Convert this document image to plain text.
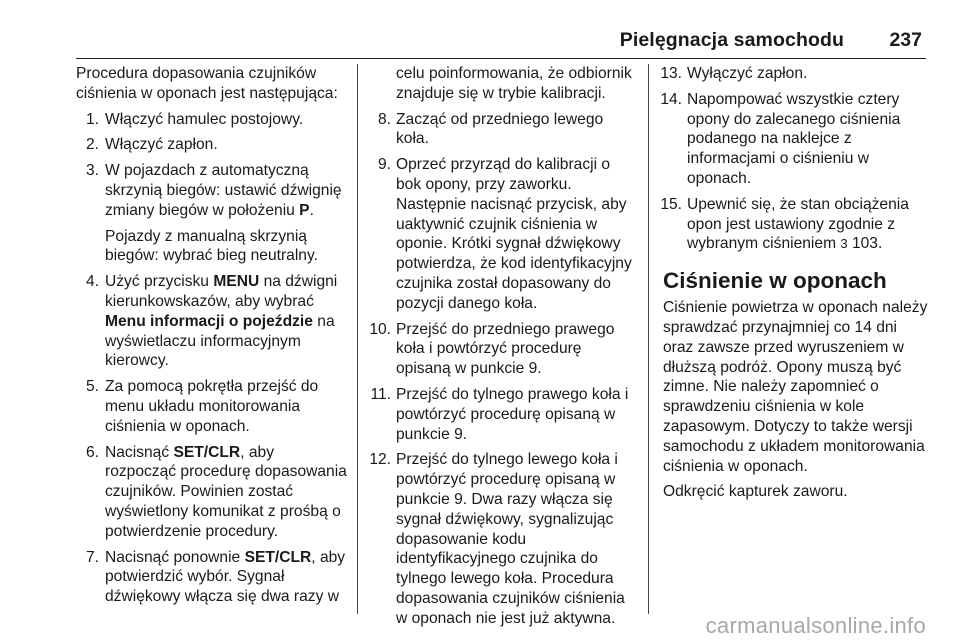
Pielęgnacja samochodu 237

Procedura dopasowania czujników ciśnienia w oponach jest następująca:

1. Włączyć hamulec postojowy.
2. Włączyć zapłon.
3. W pojazdach z automatyczną skrzynią biegów: ustawić dźwignię zmiany biegów w położeniu P.

Pojazdy z manualną skrzynią biegów: wybrać bieg neutralny.

4. Użyć przycisku MENU na dźwigni kierunkowskazów, aby wybrać Menu informacji o pojeździe na wyświetlaczu informacyjnym kierowcy.
5. Za pomocą pokrętła przejść do menu układu monitorowania ciśnienia w oponach.
6. Nacisnąć SET/CLR, aby rozpocząć procedurę dopasowania czujników. Powinien zostać wyświetlony komunikat z prośbą o potwierdzenie procedury.
7. Nacisnąć ponownie SET/CLR, aby potwierdzić wybór. Sygnał dźwiękowy włącza się dwa razy w

celu poinformowania, że odbiornik znajduje się w trybie kalibracji.

8. Zacząć od przedniego lewego koła.
9. Oprzeć przyrząd do kalibracji o bok opony, przy zaworku. Następnie nacisnąć przycisk, aby uaktywnić czujnik ciśnienia w oponie. Krótki sygnał dźwiękowy potwierdza, że kod identyfikacyjny czujnika został dopasowany do pozycji danego koła.
10. Przejść do przedniego prawego koła i powtórzyć procedurę opisaną w punkcie 9.
11. Przejść do tylnego prawego koła i powtórzyć procedurę opisaną w punkcie 9.
12. Przejść do tylnego lewego koła i powtórzyć procedurę opisaną w punkcie 9. Dwa razy włącza się sygnał dźwiękowy, sygnalizując dopasowanie kodu identyfikacyjnego czujnika do tylnego lewego koła. Procedura dopasowania czujników ciśnienia w oponach nie jest już aktywna.
13. Wyłączyć zapłon.
14. Napompować wszystkie cztery opony do zalecanego ciśnienia podanego na naklejce z informacjami o ciśnieniu w oponach.
15. Upewnić się, że stan obciążenia opon jest ustawiony zgodnie z wybranym ciśnieniem 3 103.
Ciśnienie w oponach

Ciśnienie powietrza w oponach należy sprawdzać przynajmniej co 14 dni oraz zawsze przed wyruszeniem w dłuższą podróż. Opony muszą być zimne. Nie należy zapomnieć o sprawdzeniu ciśnienia w kole zapasowym. Dotyczy to także wersji samochodu z układem monitorowania ciśnienia w oponach.

Odkręcić kapturek zaworu.

carmanualsonline.info
